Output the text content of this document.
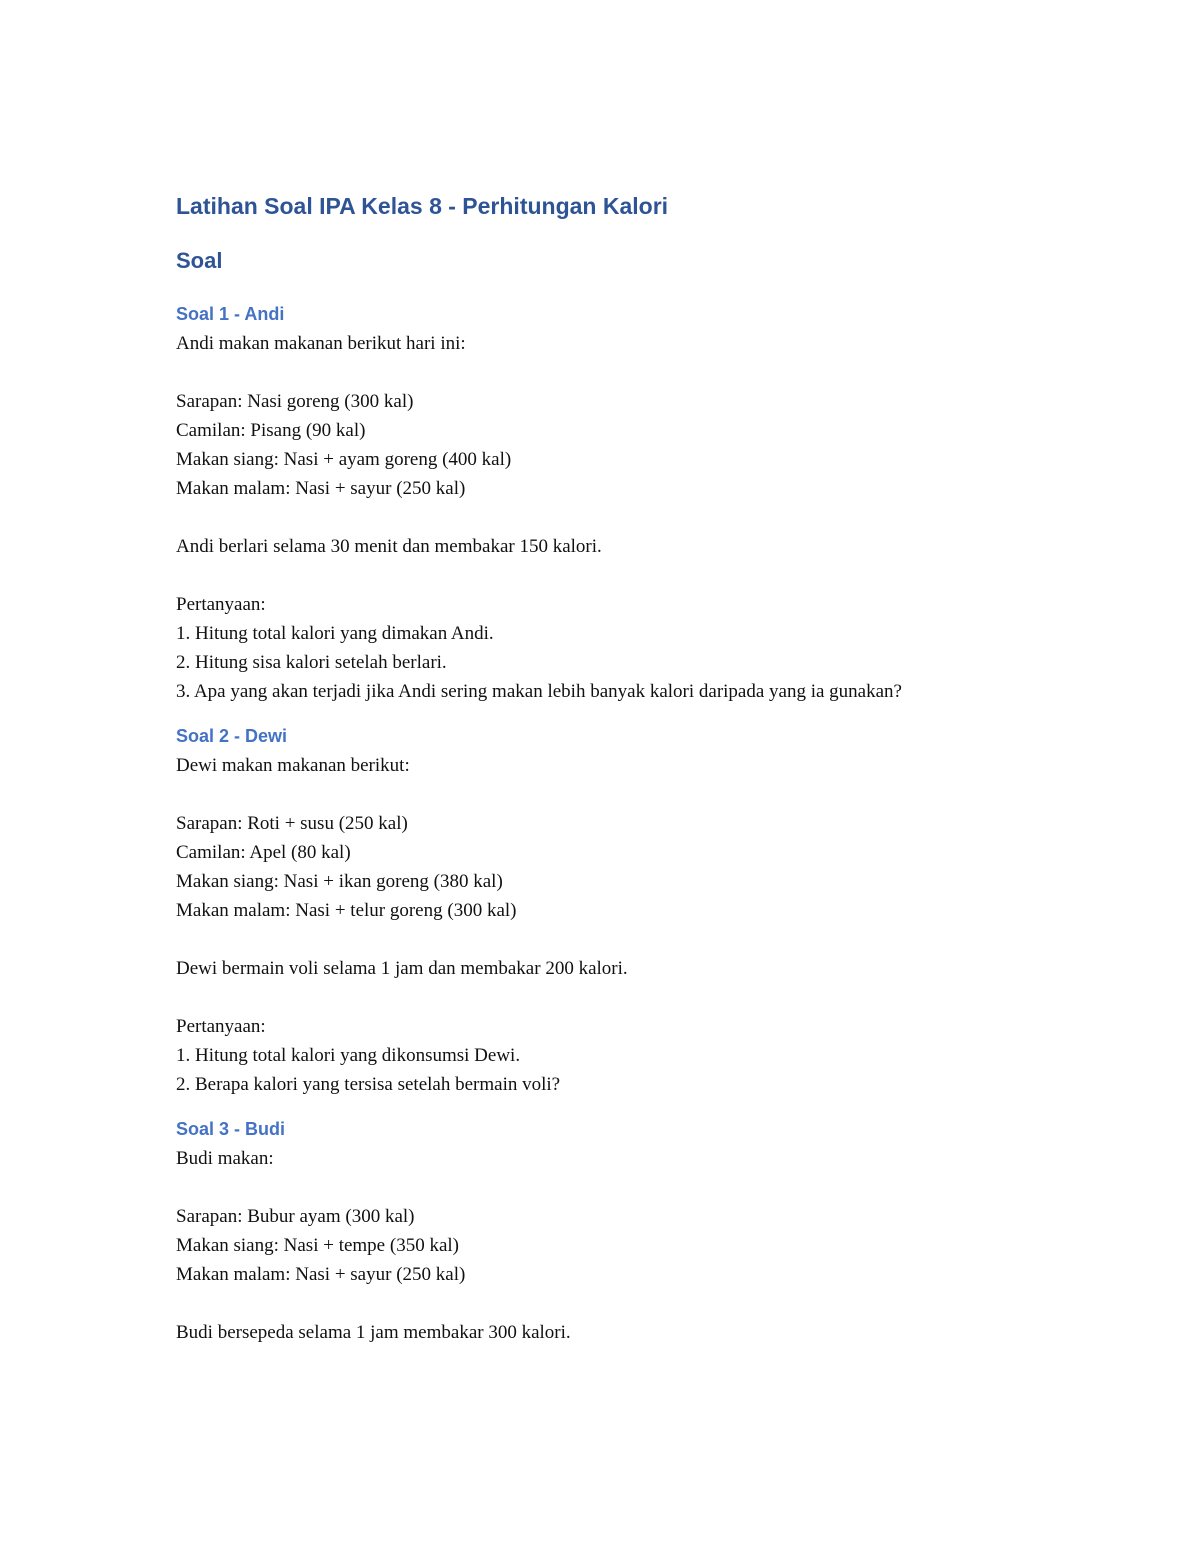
Latihan Soal IPA Kelas 8 - Perhitungan Kalori
Soal
Soal 1 - Andi

Andi makan makanan berikut hari ini:

Sarapan: Nasi goreng (300 kal)

Camilan: Pisang (90 kal)

Makan siang: Nasi + ayam goreng (400 kal)

Makan malam: Nasi + sayur (250 kal)

Andi berlari selama 30 menit dan membakar 150 kalori.

Pertanyaan:

1. Hitung total kalori yang dimakan Andi.

2. Hitung sisa kalori setelah berlari.

3. Apa yang akan terjadi jika Andi sering makan lebih banyak kalori daripada yang ia gunakan?

Soal 2 - Dewi

Dewi makan makanan berikut:

Sarapan: Roti + susu (250 kal)

Camilan: Apel (80 kal)

Makan siang: Nasi + ikan goreng (380 kal)

Makan malam: Nasi + telur goreng (300 kal)

Dewi bermain voli selama 1 jam dan membakar 200 kalori.

Pertanyaan:

1. Hitung total kalori yang dikonsumsi Dewi.

2. Berapa kalori yang tersisa setelah bermain voli?

Soal 3 - Budi

Budi makan:

Sarapan: Bubur ayam (300 kal)

Makan siang: Nasi + tempe (350 kal)

Makan malam: Nasi + sayur (250 kal)

Budi bersepeda selama 1 jam membakar 300 kalori.
